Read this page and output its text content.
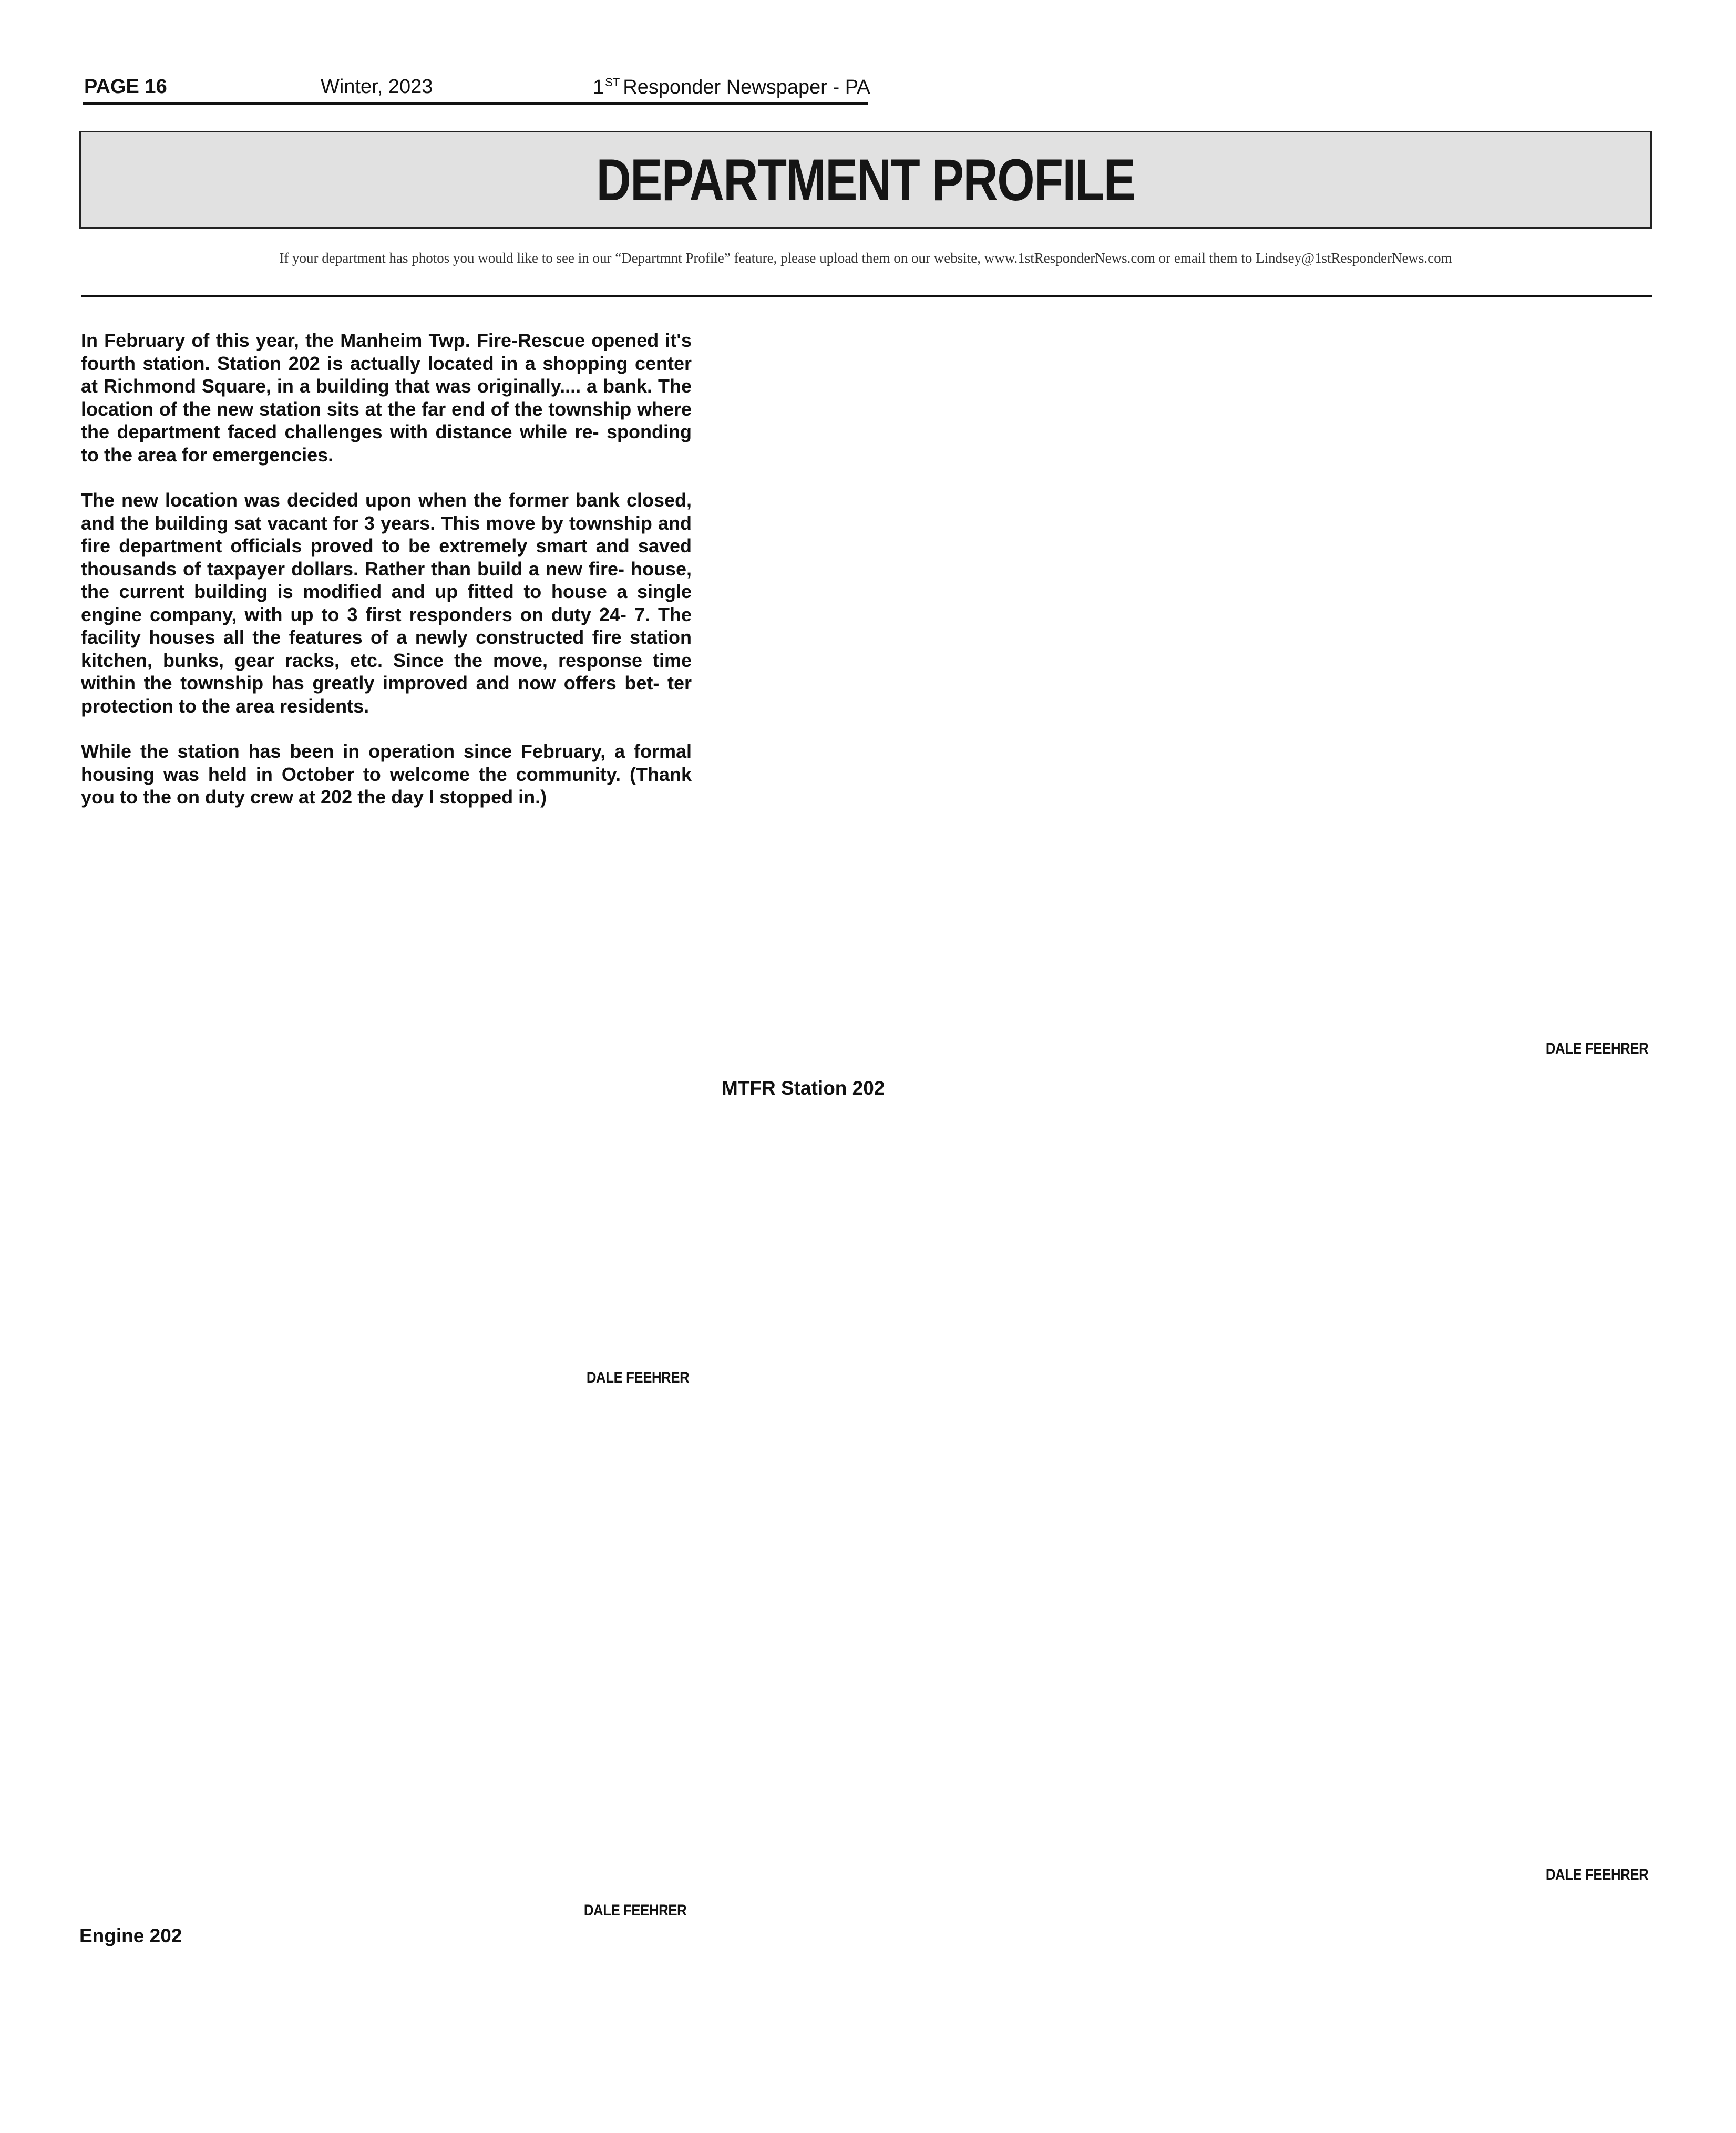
PAGE 16	Winter, 2023	1ST Responder Newspaper - PA
DEPARTMENT PROFILE
If your department has photos you would like to see in our “Departmnt Profile” feature, please upload them on our website, www.1stResponderNews.com or email them to Lindsey@1stResponderNews.com

In February of this year, the Manheim Twp. Fire-Rescue opened it's fourth station. Station 202 is actually located in a shopping center at Richmond Square, in a building that was originally.... a bank. The location of the new station sits at the far end of the township where the department faced challenges with distance while re- sponding to the area for emergencies.

The new location was decided upon when the former bank closed, and the building sat vacant for 3 years. This move by township and fire department officials proved to be extremely smart and saved thousands of taxpayer dollars. Rather than build a new fire- house, the current building is modified and up fitted to house a single engine company, with up to 3 first responders on duty 24- 7. The facility houses all the features of a newly constructed fire station kitchen, bunks, gear racks, etc. Since the move, response time within the township has greatly improved and now offers bet- ter protection to the area residents.

While the station has been in operation since February, a formal housing was held in October to welcome the community. (Thank you to the on duty crew at 202 the day I stopped in.)

DALE FEEHRER
MTFR Station 202
DALE FEEHRER
DALE FEEHRER
DALE FEEHRER
Engine 202
